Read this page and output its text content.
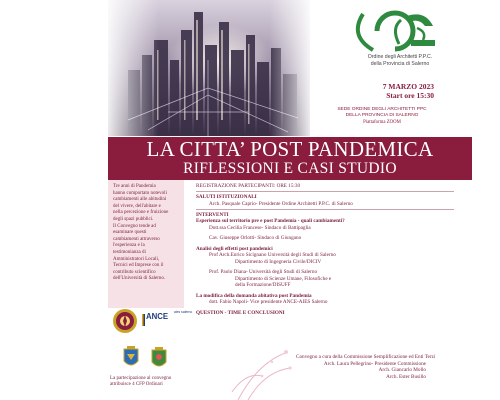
Ordine degli Architetti P.P.C.
della Provincia di Salerno
7 MARZO 2023
Start ore 15:30
SEDE ORDINE DEGLI ARCHITETTI PPC
DELLA PROVINCIA DI SALERNO
Piattaforma ZOOM
LA CITTA’ POST PANDEMICA
RIFLESSIONI E CASI STUDIO
Tre anni di Pandemia
hanno comportato notevoli
cambiamenti alle abitudini
del vivere, dell'abitare e
nella percezione e fruizione
degli spazi pubblici.
Il Convegno tende ad
esaminare questi
cambiamenti attraverso
l'esperienza e la
testimonianza di
Amministratori Locali,
Tecnici ed Imprese con il
contributo scientifico
dell'Università di Salerno.
ANCE aies salerno
La partecipazione al convegno
attribuisce 4 CFP Ordinari
REGISTRAZIONE PARTECIPANTI: ORE 15:30
SALUTI ISTITUZIONALI
Arch. Pasquale Caprio- Presidente Ordine Architetti P.P.C. di Salerno
INTERVENTI
Esperienza sul territorio pre e post Pandemia - quali cambiamenti?
Dott.ssa Cecilia Francese- Sindaco di Battipaglia
Cav. Giuseppe Orlotti- Sindaco di Giungano
Analisi degli effetti post pandemici
Prof Arch.Enrico Sicignano Università degli Studi di Salerno
Dipartimento di Ingegneria Civile/DICIV
Prof. Paolo Diana- Università degli Studi di Salerno
Dipartimento di Scienze Umane, Filosofiche e
della Formazione/DISUFF
La modifica della domanda abitativa post Pandemia
dott. Fabio Napoli- Vice presidente ANCE-AIES Salerno
QUESTION - TIME E CONCLUSIONI
Convegno a cura della Commissione Semplificazione ed Enti Terzi
Arch. Laura Pellegrino- Presidente Commissione
Arch. Giancarlo Mollo
Arch. Ester Busillo
